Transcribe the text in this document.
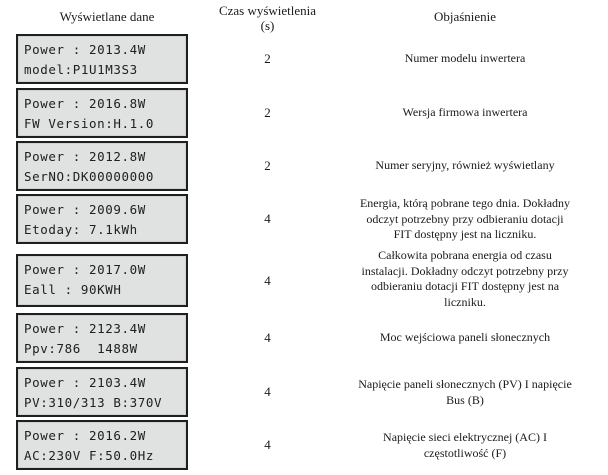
Wyświetlane dane	Czas wyświetlenia
(s)
Objaśnienie
Power : 2013.4W
model:P1U1M3S3
2	Numer modelu inwertera
Power : 2016.8W
FW Version:H.1.0
2	Wersja firmowa inwertera
Power : 2012.8W
SerNO:DK00000000
2	Numer seryjny, również wyświetlany
Power : 2009.6W
Etoday: 7.1kWh
4
Energia, którą pobrane tego dnia. Dokładny
odczyt potrzebny przy odbieraniu dotacji
FIT dostępny jest na liczniku.
Power : 2017.0W
Eall : 90KWH
4
Całkowita pobrana energia od czasu
instalacji. Dokładny odczyt potrzebny przy
odbieraniu dotacji FIT dostępny jest na
liczniku.
Power : 2123.4W
Ppv:786  1488W
4	Moc wejściowa paneli słonecznych
Power : 2103.4W
PV:310/313 B:370V
4	Napięcie paneli słonecznych (PV) I napięcie
Bus (B)
Power : 2016.2W
AC:230V F:50.0Hz
4	Napięcie sieci elektrycznej (AC) I
częstotliwość (F)
